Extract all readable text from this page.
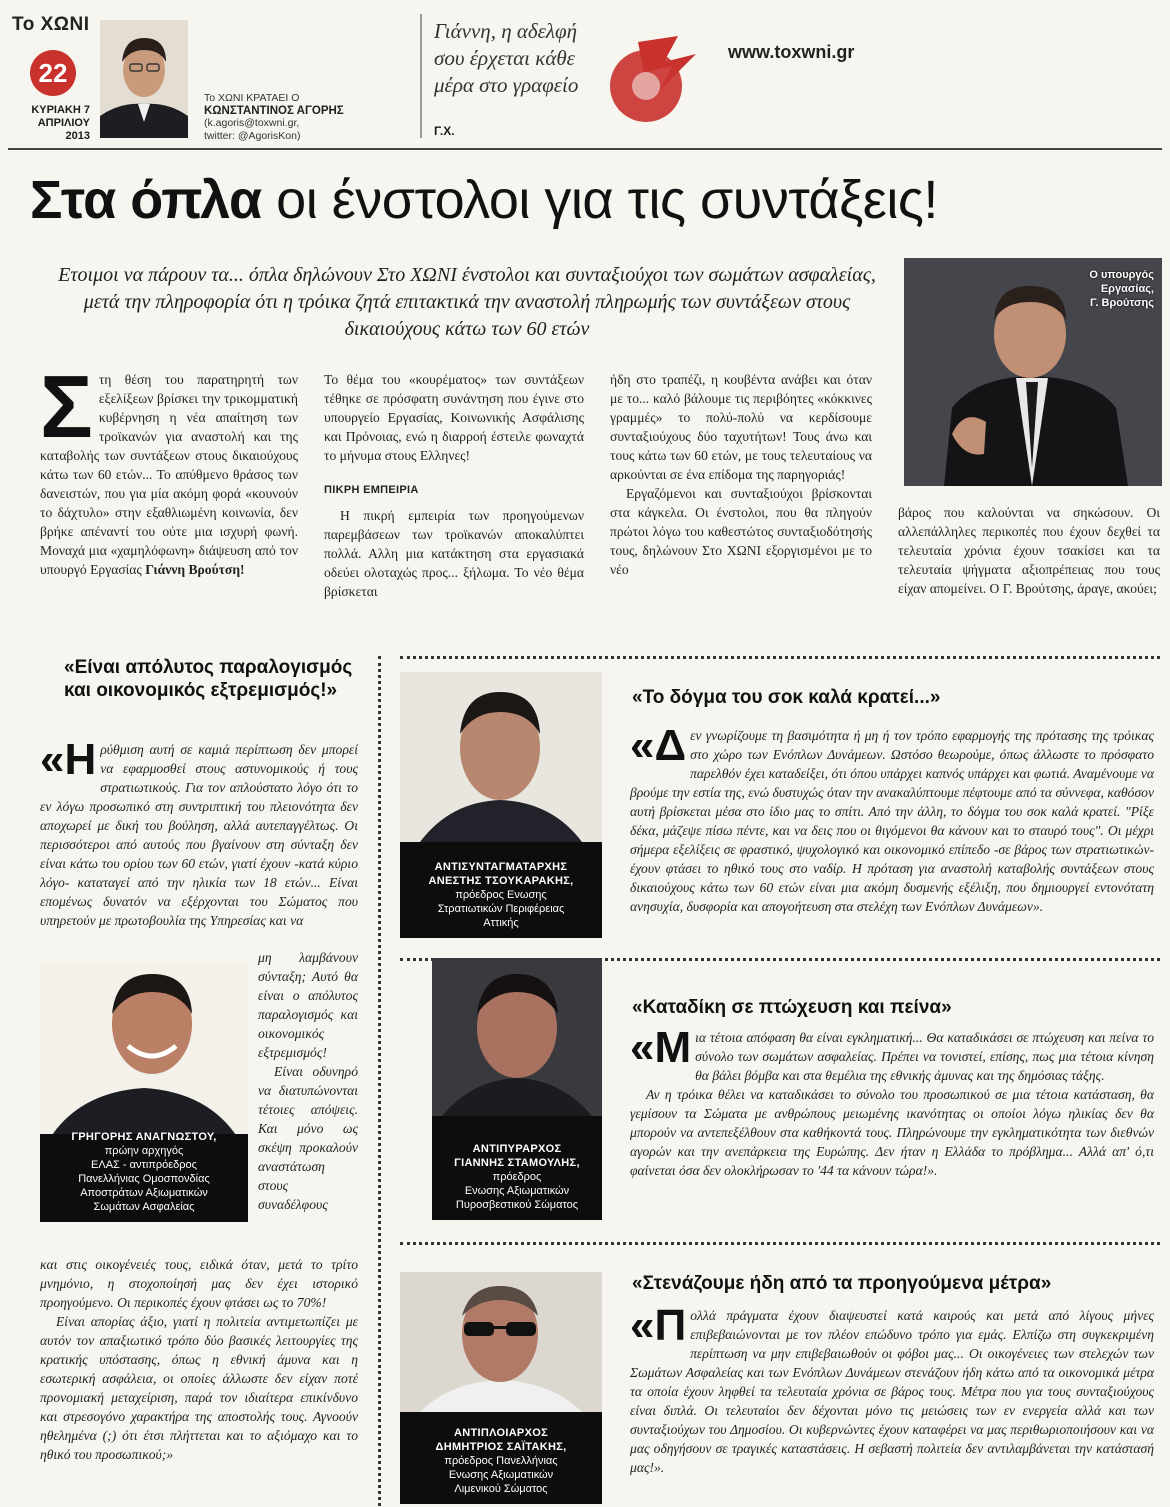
Το ΧΩΝΙ
22
ΚΥΡΙΑΚΗ 7
ΑΠΡΙΛΙΟΥ
2013
Το ΧΩΝΙ ΚΡΑΤΑΕΙ Ο
ΚΩΝΣΤΑΝΤΙΝΟΣ ΑΓΟΡΗΣ
(k.agoris@toxwni.gr,
twitter: @AgorisKon)
Γιάννη, η αδελφή
σου έρχεται κάθε
μέρα στο γραφείο
Γ.Χ.
www.toxwni.gr
Στα όπλα οι ένστολοι για τις συντάξεις!
Ετοιμοι να πάρουν τα... όπλα δηλώνουν Στο ΧΩΝΙ ένστολοι και συνταξιούχοι των σωμάτων ασφαλείας, μετά την πληροφορία ότι η τρόικα ζητά επιτακτικά την αναστολή πληρωμής των συντάξεων στους δικαιούχους κάτω των 60 ετών
Ο υπουργός
Εργασίας,
Γ. Βρούτσης

Στη θέση του παρατηρητή των εξελίξεων βρίσκει την τρικομματική κυβέρνηση η νέα απαίτηση των τροϊκανών για αναστολή και της καταβολής των συντάξεων στους δικαιούχους κάτω των 60 ετών... Το απύθμενο θράσος των δανειστών, που για μία ακόμη φορά «κουνούν το δάχτυλο» στην εξαθλιωμένη κοινωνία, δεν βρήκε απέναντί του ούτε μια ισχυρή φωνή. Μοναχά μια «χαμηλόφωνη» διάψευση από τον υπουργό Εργασίας Γιάννη Βρούτση!

Το θέμα του «κουρέματος» των συντάξεων τέθηκε σε πρόσφατη συνάντηση που έγινε στο υπουργείο Εργασίας, Κοινωνικής Ασφάλισης και Πρόνοιας, ενώ η διαρροή έστειλε φωναχτά το μήνυμα στους Ελληνες!

ΠΙΚΡΗ ΕΜΠΕΙΡΙΑ

Η πικρή εμπειρία των προηγούμενων παρεμβάσεων των τροϊκανών αποκαλύπτει πολλά. Αλλη μια κατάκτηση στα εργασιακά οδεύει ολοταχώς προς... ξήλωμα. Το νέο θέμα βρίσκεται

ήδη στο τραπέζι, η κουβέντα ανάβει και όταν με το... καλό βάλουμε τις περιβόητες «κόκκινες γραμμές» το πολύ-πολύ να κερδίσουμε συνταξιούχους δύο ταχυτήτων! Τους άνω και τους κάτω των 60 ετών, με τους τελευταίους να αρκούνται σε ένα επίδομα της παρηγοριάς!

Εργαζόμενοι και συνταξιούχοι βρίσκονται στα κάγκελα. Οι ένστολοι, που θα πληγούν πρώτοι λόγω του καθεστώτος συνταξιοδότησής τους, δηλώνουν Στο ΧΩΝΙ εξοργισμένοι με το νέο

βάρος που καλούνται να σηκώσουν. Οι αλλεπάλληλες περικοπές που έχουν δεχθεί τα τελευταία χρόνια έχουν τσακίσει και τα τελευταία ψήγματα αξιοπρέπειας που τους είχαν απομείνει. Ο Γ. Βρούτσης, άραγε, ακούει;

«Είναι απόλυτος παραλογισμός και οικονομικός εξτρεμισμός!»

«Ηρύθμιση αυτή σε καμιά περίπτωση δεν μπορεί να εφαρμοσθεί στους αστυνομικούς ή τους στρατιωτικούς. Για τον απλούστατο λόγο ότι το εν λόγω προσωπικό στη συντριπτική του πλειονότητα δεν αποχωρεί με δική του βούληση, αλλά αυτεπαγγέλτως. Οι περισσότεροι από αυτούς που βγαίνουν στη σύνταξη δεν είναι κάτω του ορίου των 60 ετών, γιατί έχουν -κατά κύριο λόγο- καταταγεί από την ηλικία των 18 ετών... Είναι επομένως δυνατόν να εξέρχονται του Σώματος που υπηρετούν με πρωτοβουλία της Υπηρεσίας και να

μη λαμβάνουν σύνταξη; Αυτό θα είναι ο απόλυτος παραλογισμός και οικονομικός εξτρεμισμός!

Είναι οδυνηρό να διατυπώνονται τέτοιες απόψεις. Και μόνο ως σκέψη προκαλούν αναστάτωση στους συναδέλφους

ΓΡΗΓΟΡΗΣ ΑΝΑΓΝΩΣΤΟΥ,
πρώην αρχηγός
ΕΛΑΣ - αντιπρόεδρος
Πανελλήνιας Ομοσπονδίας
Αποστράτων Αξιωματικών
Σωμάτων Ασφαλείας

και στις οικογένειές τους, ειδικά όταν, μετά το τρίτο μνημόνιο, η στοχοποίησή μας δεν έχει ιστορικό προηγούμενο. Οι περικοπές έχουν φτάσει ως το 70%!

Είναι απορίας άξιο, γιατί η πολιτεία αντιμετωπίζει με αυτόν τον απαξιωτικό τρόπο δύο βασικές λειτουργίες της κρατικής υπόστασης, όπως η εθνική άμυνα και η εσωτερική ασφάλεια, οι οποίες άλλωστε δεν είχαν ποτέ προνομιακή μεταχείριση, παρά τον ιδιαίτερα επικίνδυνο και στρεσογόνο χαρακτήρα της αποστολής τους. Αγνοούν ηθελημένα (;) ότι έτσι πλήττεται και το αξιόμαχο και το ηθικό του προσωπικού;»

ΑΝΤΙΣΥΝΤΑΓΜΑΤΑΡΧΗΣ
ΑΝΕΣΤΗΣ ΤΣΟΥΚΑΡΑΚΗΣ,
πρόεδρος Ενωσης
Στρατιωτικών Περιφέρειας
Αττικής
«Το δόγμα του σοκ καλά κρατεί...»

«Δεν γνωρίζουμε τη βασιμότητα ή μη ή τον τρόπο εφαρμογής της πρότασης της τρόικας στο χώρο των Ενόπλων Δυνάμεων. Ωστόσο θεωρούμε, όπως άλλωστε το πρόσφατο παρελθόν έχει καταδείξει, ότι όπου υπάρχει καπνός υπάρχει και φωτιά. Αναμένουμε να βρούμε την εστία της, ενώ δυστυχώς όταν την ανακαλύπτουμε πέφτουμε από τα σύννεφα, καθόσον αυτή βρίσκεται μέσα στο ίδιο μας το σπίτι. Από την άλλη, το δόγμα του σοκ καλά κρατεί. "Ρίξε δέκα, μάζεψε πίσω πέντε, και να δεις που οι θιγόμενοι θα κάνουν και το σταυρό τους". Οι μέχρι σήμερα εξελίξεις σε φραστικό, ψυχολογικό και οικονομικό επίπεδο -σε βάρος των στρατιωτικών- έχουν φτάσει το ηθικό τους στο ναδίρ. Η πρόταση για αναστολή καταβολής συντάξεων στους δικαιούχους κάτω των 60 ετών είναι μια ακόμη δυσμενής εξέλιξη, που δημιουργεί εντονότατη ανησυχία, δυσφορία και απογοήτευση στα στελέχη των Ενόπλων Δυνάμεων».

ΑΝΤΙΠΥΡΑΡΧΟΣ
ΓΙΑΝΝΗΣ ΣΤΑΜΟΥΛΗΣ,
πρόεδρος
Ενωσης Αξιωματικών
Πυροσβεστικού Σώματος
«Καταδίκη σε πτώχευση και πείνα»

«Μια τέτοια απόφαση θα είναι εγκληματική... Θα καταδικάσει σε πτώχευση και πείνα το σύνολο των σωμάτων ασφαλείας. Πρέπει να τονιστεί, επίσης, πως μια τέτοια κίνηση θα βάλει βόμβα και στα θεμέλια της εθνικής άμυνας και της δημόσιας τάξης.

Αν η τρόικα θέλει να καταδικάσει το σύνολο του προσωπικού σε μια τέτοια κατάσταση, θα γεμίσουν τα Σώματα με ανθρώπους μειωμένης ικανότητας οι οποίοι λόγω ηλικίας δεν θα μπορούν να αντεπεξέλθουν στα καθήκοντά τους. Πληρώνουμε την εγκληματικότητα των διεθνών αγορών και την ανεπάρκεια της Ευρώπης. Δεν ήταν η Ελλάδα το πρόβλημα... Αλλά απ' ό,τι φαίνεται όσα δεν ολοκλήρωσαν το '44 τα κάνουν τώρα!».

ΑΝΤΙΠΛΟΙΑΡΧΟΣ
ΔΗΜΗΤΡΙΟΣ ΣΑΪΤΑΚΗΣ,
πρόεδρος Πανελλήνιας
Ενωσης Αξιωματικών
Λιμενικού Σώματος
«Στενάζουμε ήδη από τα προηγούμενα μέτρα»

«Πολλά πράγματα έχουν διαψευστεί κατά καιρούς και μετά από λίγους μήνες επιβεβαιώνονται με τον πλέον επώδυνο τρόπο για εμάς. Ελπίζω στη συγκεκριμένη περίπτωση να μην επιβεβαιωθούν οι φόβοι μας... Οι οικογένειες των στελεχών των Σωμάτων Ασφαλείας και των Ενόπλων Δυνάμεων στενάζουν ήδη κάτω από τα οικονομικά μέτρα τα οποία έχουν ληφθεί τα τελευταία χρόνια σε βάρος τους. Μέτρα που για τους συνταξιούχους είναι διπλά. Οι τελευταίοι δεν δέχονται μόνο τις μειώσεις των εν ενεργεία αλλά και των συνταξιούχων του Δημοσίου. Οι κυβερνώντες έχουν καταφέρει να μας περιθωριοποιήσουν και να μας οδηγήσουν σε τραγικές καταστάσεις. Η σεβαστή πολιτεία δεν αντιλαμβάνεται την κατάστασή μας!».
